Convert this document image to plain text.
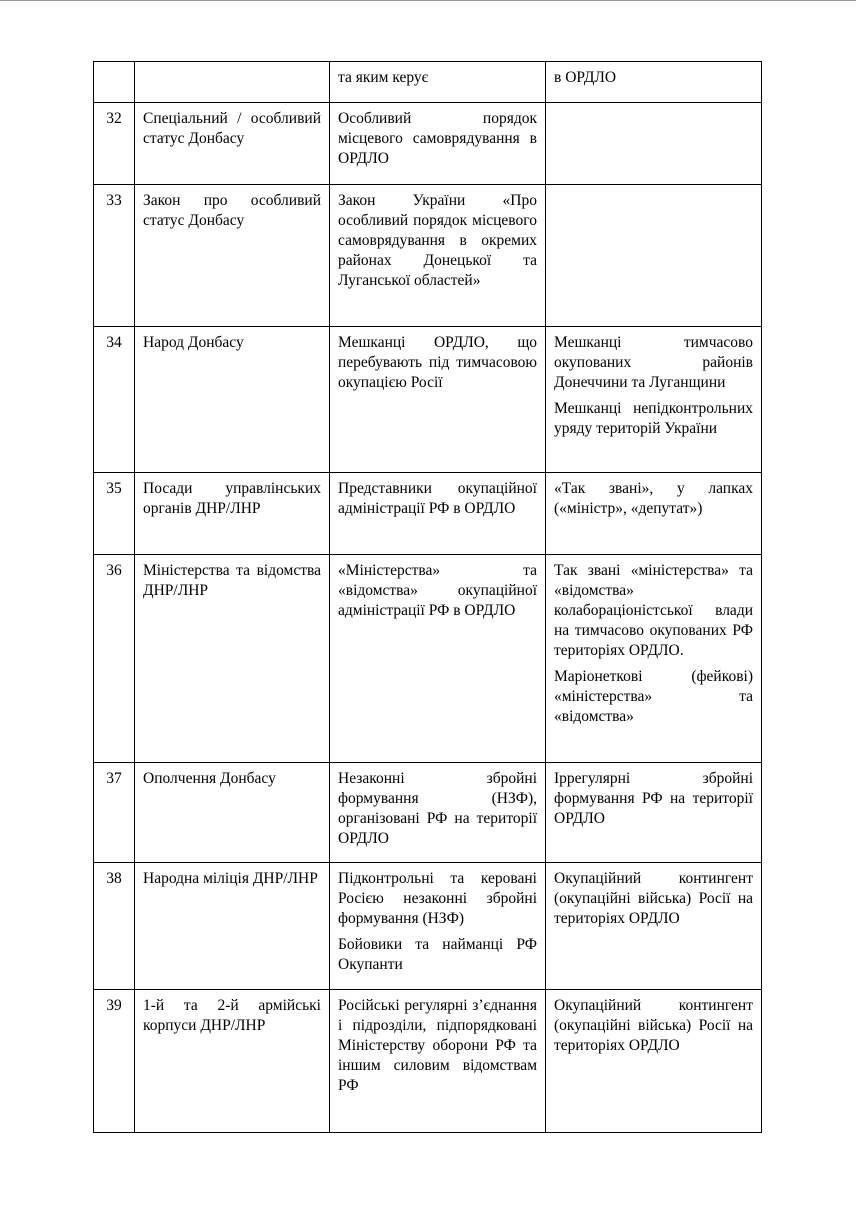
		та яким керує	в ОРДЛО

32	Спеціальний / особливий статус Донбасу	Особливий порядок місцевого самоврядування в ОРДЛО	

33	Закон про особливий статус Донбасу	Закон України «Про особливий порядок місцевого самоврядування в окремих районах Донецької та Луганської областей»	

34	Народ Донбасу	Мешканці ОРДЛО, що перебувають під тимчасовою окупацією Росії	Мешканці тимчасово окупованих районів Донеччини та Луганщини
Мешканці непідконтрольних уряду територій України

35	Посади управлінських органів ДНР/ЛНР	Представники окупаційної адміністрації РФ в ОРДЛО	«Так звані», у лапках («міністр», «депутат»)

36	Міністерства та відомства ДНР/ЛНР	«Міністерства» та «відомства» окупаційної адміністрації РФ в ОРДЛО	Так звані «міністерства» та «відомства» колабораціоністської влади на тимчасово окупованих РФ територіях ОРДЛО.
Маріонеткові (фейкові) «міністерства» та «відомства»

37	Ополчення Донбасу	Незаконні збройні формування (НЗФ), організовані РФ на території ОРДЛО	Іррегулярні збройні формування РФ на території ОРДЛО

38	Народна міліція ДНР/ЛНР	Підконтрольні та керовані Росією незаконні збройні формування (НЗФ)
Бойовики та найманці РФ Окупанти	Окупаційний контингент (окупаційні війська) Росії на територіях ОРДЛО

39	1-й та 2-й армійські корпуси ДНР/ЛНР	Російські регулярні з’єднання і підрозділи, підпорядковані Міністерству оборони РФ та іншим силовим відомствам РФ	Окупаційний контингент (окупаційні війська) Росії на територіях ОРДЛО
